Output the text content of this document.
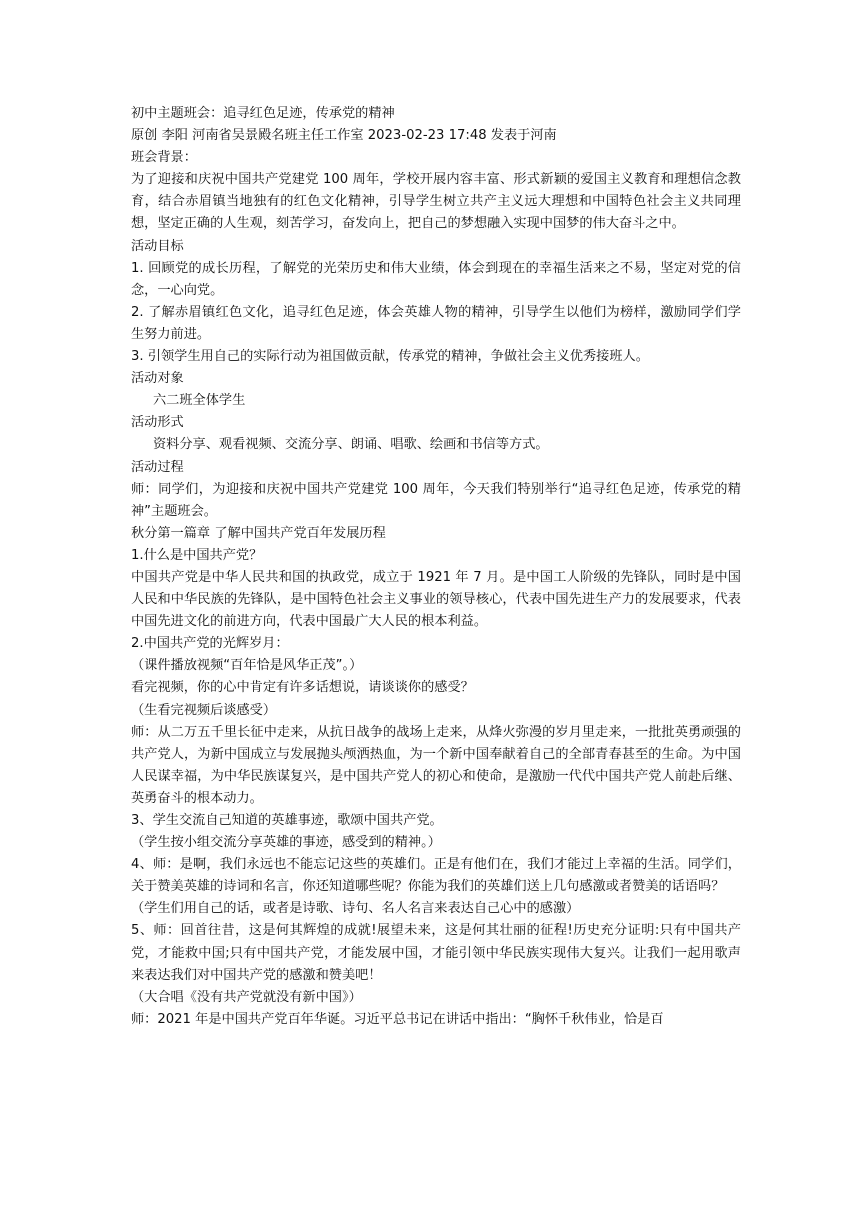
初中主题班会：追寻红色足迹，传承党的精神

原创 李阳 河南省吴景殿名班主任工作室 2023-02-23 17:48 发表于河南

班会背景：

为了迎接和庆祝中国共产党建党 100 周年，学校开展内容丰富、形式新颖的爱国主义教育和理想信念教育，结合赤眉镇当地独有的红色文化精神，引导学生树立共产主义远大理想和中国特色社会主义共同理想，坚定正确的人生观，刻苦学习，奋发向上，把自己的梦想融入实现中国梦的伟大奋斗之中。

活动目标

1. 回顾党的成长历程，了解党的光荣历史和伟大业绩，体会到现在的幸福生活来之不易，坚定对党的信念，一心向党。

2. 了解赤眉镇红色文化，追寻红色足迹，体会英雄人物的精神，引导学生以他们为榜样，激励同学们学生努力前进。

3. 引领学生用自己的实际行动为祖国做贡献，传承党的精神，争做社会主义优秀接班人。

活动对象

六二班全体学生

活动形式

资料分享、观看视频、交流分享、朗诵、唱歌、绘画和书信等方式。

活动过程

师：同学们，为迎接和庆祝中国共产党建党 100 周年，今天我们特别举行“追寻红色足迹，传承党的精神”主题班会。

秋分第一篇章 了解中国共产党百年发展历程

1.什么是中国共产党？

中国共产党是中华人民共和国的执政党，成立于 1921 年 7 月。是中国工人阶级的先锋队，同时是中国人民和中华民族的先锋队，是中国特色社会主义事业的领导核心，代表中国先进生产力的发展要求，代表中国先进文化的前进方向，代表中国最广大人民的根本利益。

2.中国共产党的光辉岁月：

（课件播放视频“百年恰是风华正茂”。）

看完视频，你的心中肯定有许多话想说，请谈谈你的感受？

（生看完视频后谈感受）

师：从二万五千里长征中走来，从抗日战争的战场上走来，从烽火弥漫的岁月里走来，一批批英勇顽强的共产党人，为新中国成立与发展抛头颅洒热血，为一个新中国奉献着自己的全部青春甚至的生命。为中国人民谋幸福，为中华民族谋复兴，是中国共产党人的初心和使命，是激励一代代中国共产党人前赴后继、英勇奋斗的根本动力。

3、学生交流自己知道的英雄事迹，歌颂中国共产党。

（学生按小组交流分享英雄的事迹，感受到的精神。）

4、师：是啊，我们永远也不能忘记这些的英雄们。正是有他们在，我们才能过上幸福的生活。同学们，关于赞美英雄的诗词和名言，你还知道哪些呢？你能为我们的英雄们送上几句感激或者赞美的话语吗？

（学生们用自己的话，或者是诗歌、诗句、名人名言来表达自己心中的感激）

5、师：回首往昔，这是何其辉煌的成就!展望未来，这是何其壮丽的征程!历史充分证明:只有中国共产党，才能救中国;只有中国共产党，才能发展中国，才能引领中华民族实现伟大复兴。让我们一起用歌声来表达我们对中国共产党的感激和赞美吧！

（大合唱《没有共产党就没有新中国》）

师：2021 年是中国共产党百年华诞。习近平总书记在讲话中指出：“胸怀千秋伟业，恰是百
